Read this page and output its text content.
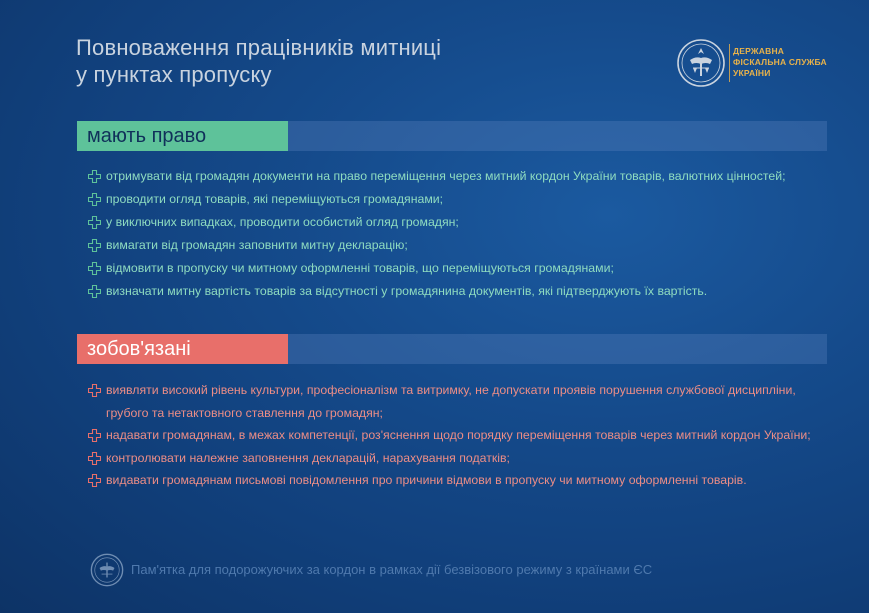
Повноваження працівників митниці
у пунктах пропуску
ДЕРЖАВНА
ФІСКАЛЬНА СЛУЖБА
УКРАЇНИ
мають право
отримувати від громадян документи на право переміщення через митний кордон України товарів, валютних цінностей;
проводити огляд товарів, які переміщуються громадянами;
у виключних випадках, проводити особистий огляд громадян;
вимагати від громадян заповнити митну декларацію;
відмовити в пропуску чи митному оформленні товарів, що переміщуються громадянами;
визначати митну вартість товарів за відсутності у громадянина документів, які підтверджують їх вартість.
зобов'язані
виявляти високий рівень культури, професіоналізм та витримку, не допускати проявів порушення службової дисципліни, грубого та нетактовного ставлення до громадян;
надавати громадянам, в межах компетенції, роз'яснення щодо порядку переміщення товарів через митний кордон України;
контролювати належне заповнення декларацій, нарахування податків;
видавати громадянам письмові повідомлення про причини відмови в пропуску чи митному оформленні товарів.
Пам'ятка для подорожуючих за кордон в рамках дії безвізового режиму з країнами ЄС
